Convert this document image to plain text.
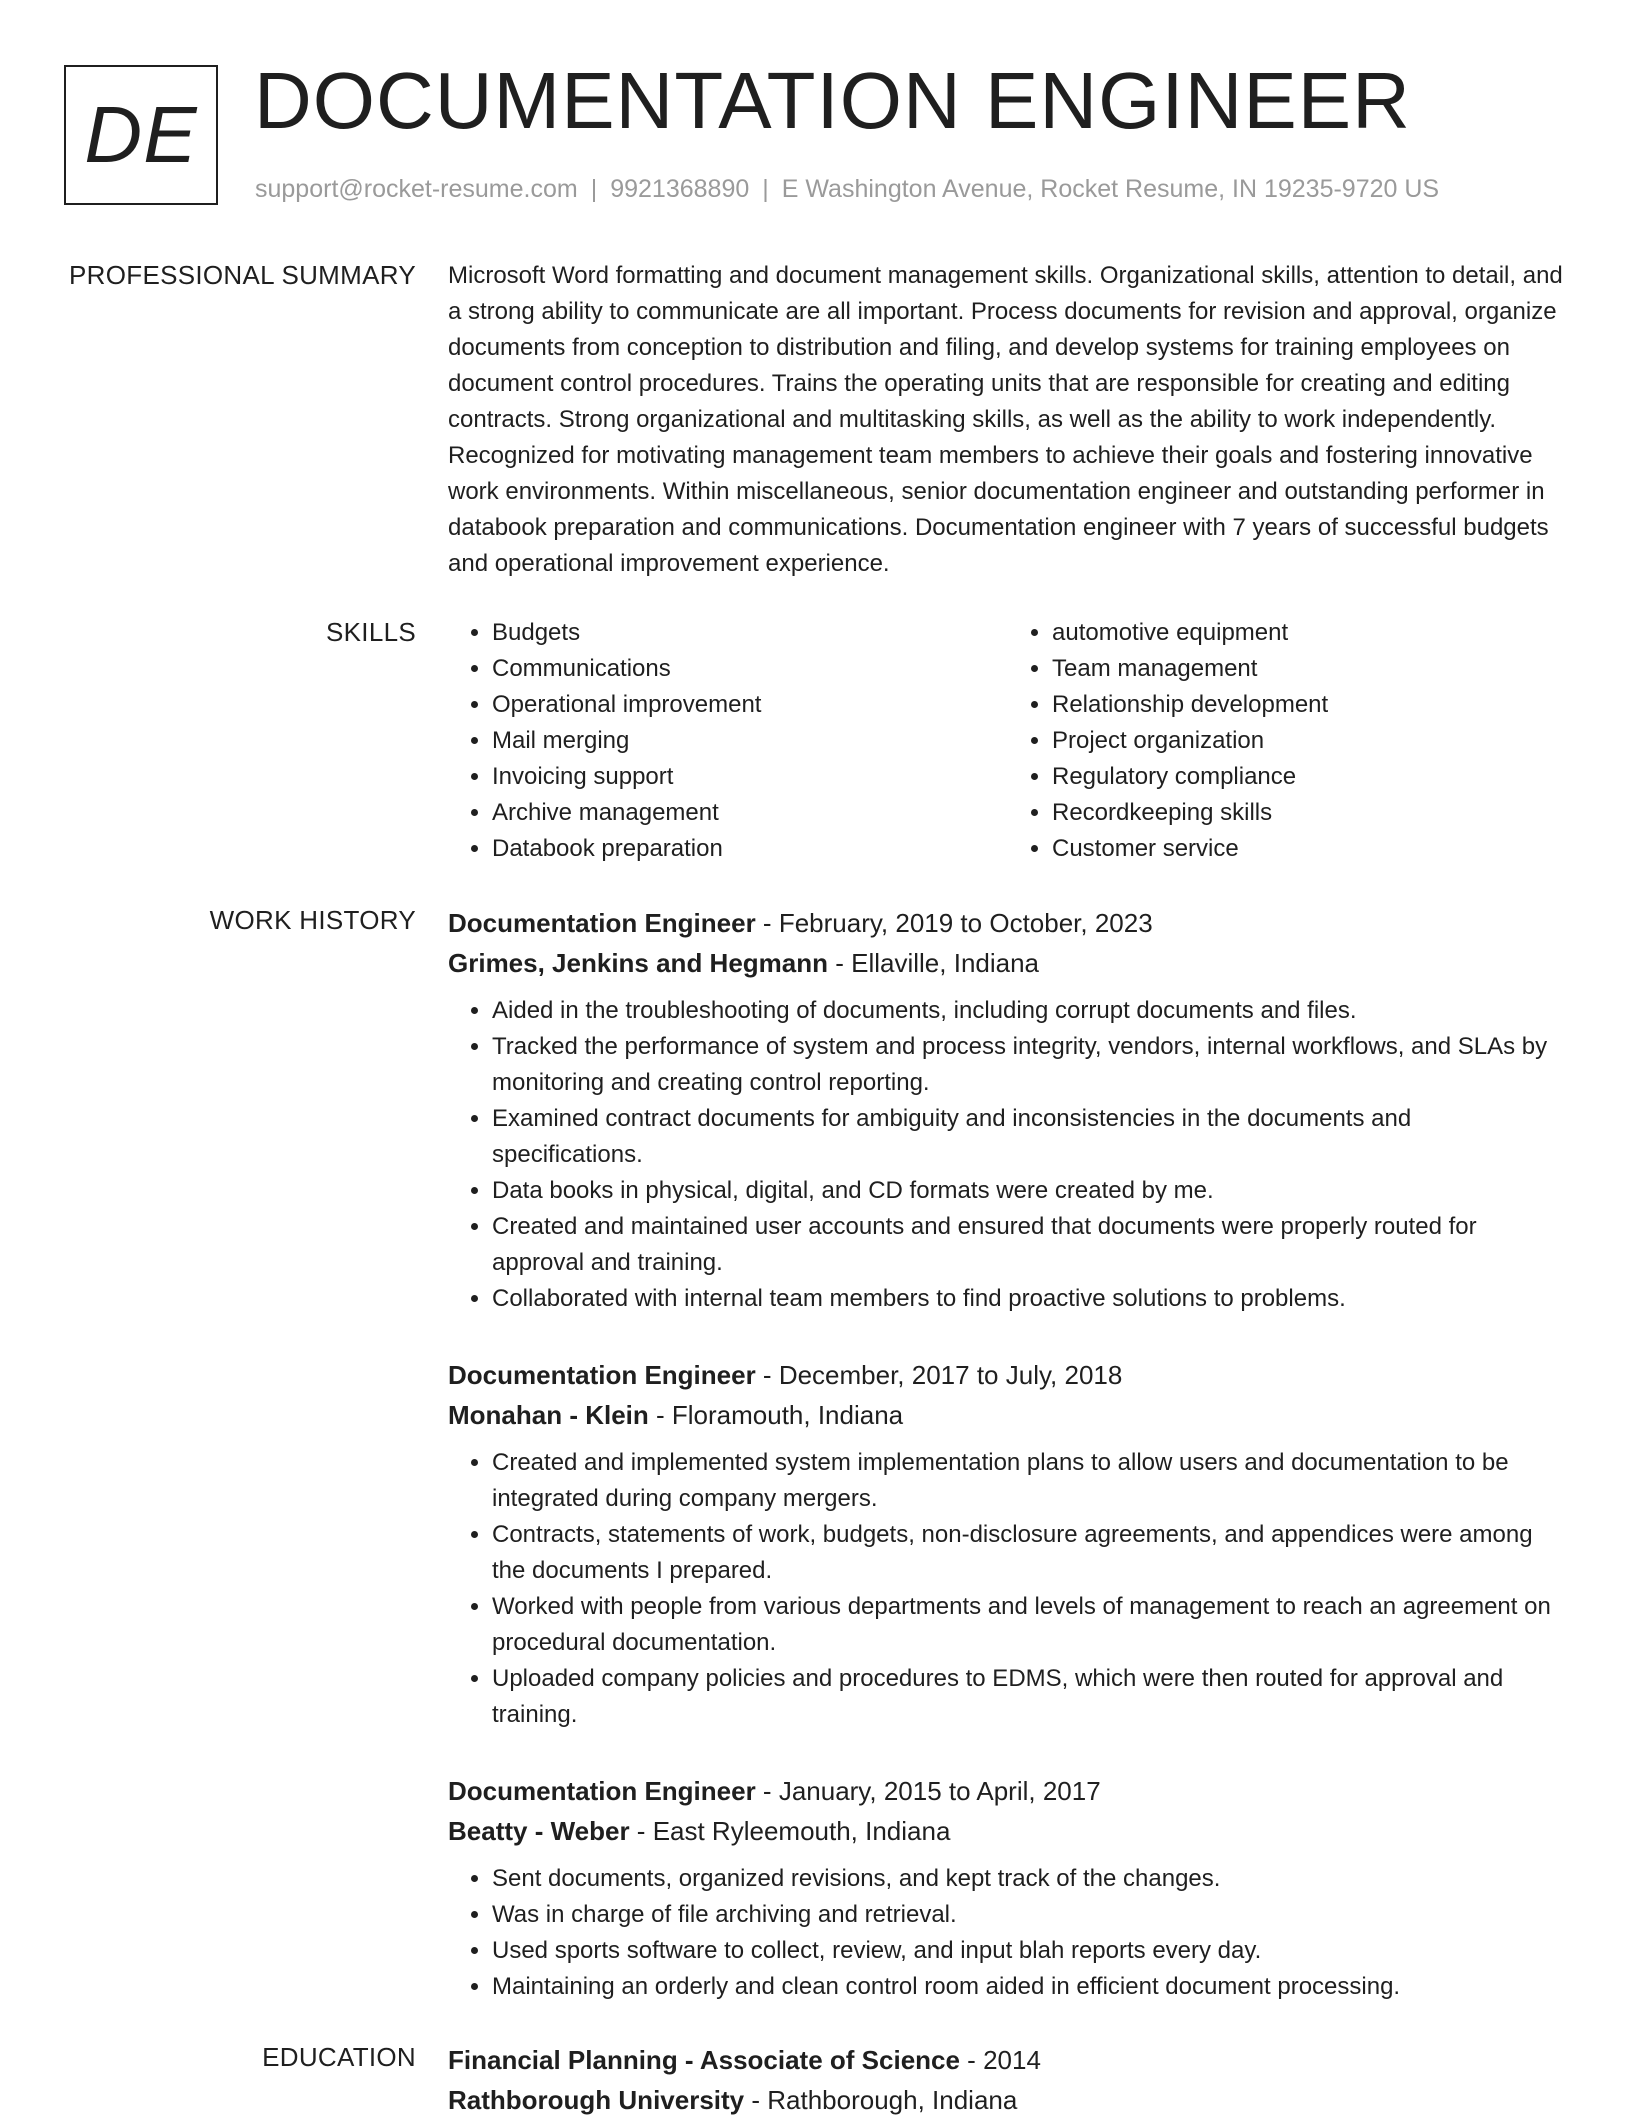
DE DOCUMENTATION ENGINEER
support@rocket-resume.com | 9921368890 | E Washington Avenue, Rocket Resume, IN 19235-9720 US
PROFESSIONAL SUMMARY Microsoft Word formatting and document management skills. Organizational skills, attention to detail, and a strong ability to communicate are all important. Process documents for revision and approval, organize documents from conception to distribution and filing, and develop systems for training employees on document control procedures. Trains the operating units that are responsible for creating and editing contracts. Strong organizational and multitasking skills, as well as the ability to work independently. Recognized for motivating management team members to achieve their goals and fostering innovative work environments. Within miscellaneous, senior documentation engineer and outstanding performer in databook preparation and communications. Documentation engineer with 7 years of successful budgets and operational improvement experience.

SKILLS
•	Budgets
• Communications
• Operational improvement
• Mail merging
• Invoicing support
• Archive management
• Databook preparation
• automotive equipment
• Team management
• Relationship development
• Project organization
• Regulatory compliance
• Recordkeeping skills
• Customer service
WORK HISTORY Documentation Engineer - February, 2019 to October, 2023
Grimes, Jenkins and Hegmann - Ellaville, Indiana
• Aided in the troubleshooting of documents, including corrupt documents and files.
• Tracked the performance of system and process integrity, vendors, internal workflows, and SLAs by monitoring and creating control reporting.
• Examined contract documents for ambiguity and inconsistencies in the documents and specifications.
• Data books in physical, digital, and CD formats were created by me.
• Created and maintained user accounts and ensured that documents were properly routed for approval and training.
• Collaborated with internal team members to find proactive solutions to problems.
Documentation Engineer - December, 2017 to July, 2018
Monahan - Klein - Floramouth, Indiana
• Created and implemented system implementation plans to allow users and documentation to be integrated during company mergers.
• Contracts, statements of work, budgets, non-disclosure agreements, and appendices were among the documents I prepared.
• Worked with people from various departments and levels of management to reach an agreement on procedural documentation.
• Uploaded company policies and procedures to EDMS, which were then routed for approval and training.
Documentation Engineer - January, 2015 to April, 2017
Beatty - Weber - East Ryleemouth, Indiana
• Sent documents, organized revisions, and kept track of the changes.
• Was in charge of file archiving and retrieval.
• Used sports software to collect, review, and input blah reports every day.
• Maintaining an orderly and clean control room aided in efficient document processing.
EDUCATION Financial Planning - Associate of Science - 2014
Rathborough University - Rathborough, Indiana
